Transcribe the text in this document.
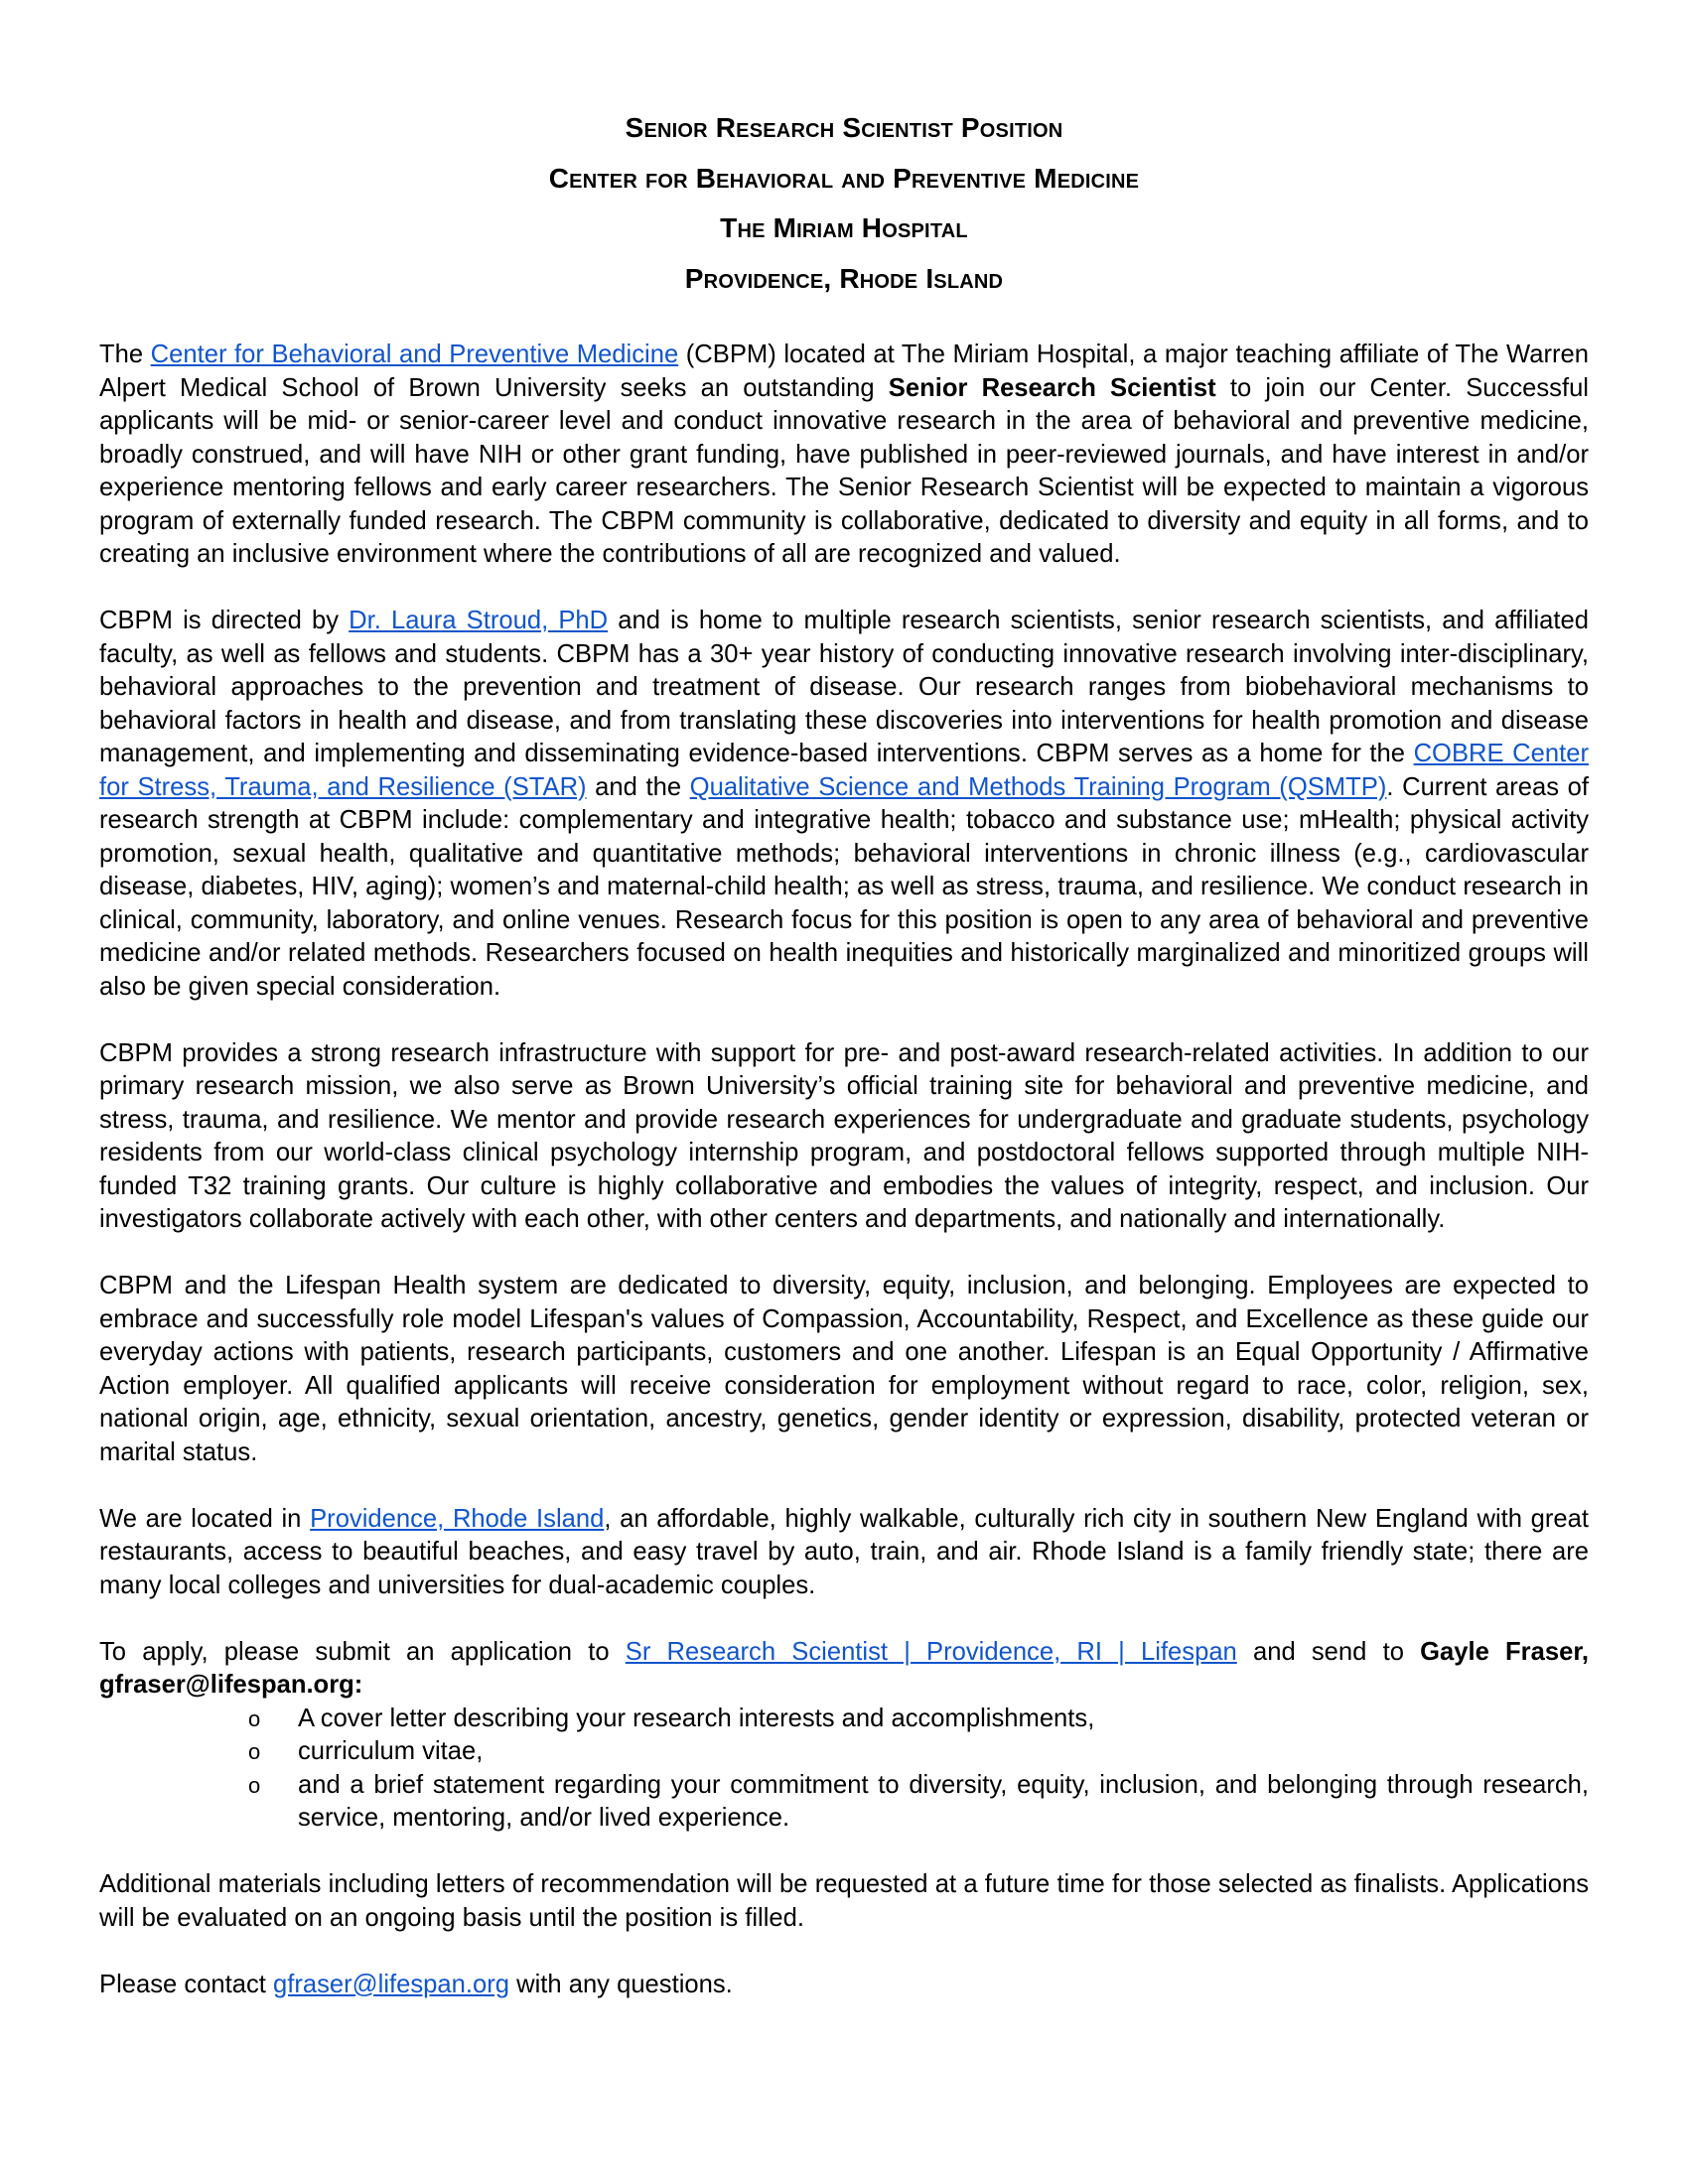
Senior Research Scientist Position
Center for Behavioral and Preventive Medicine
The Miriam Hospital
Providence, Rhode Island

The Center for Behavioral and Preventive Medicine (CBPM) located at The Miriam Hospital, a major teaching affiliate of The Warren Alpert Medical School of Brown University seeks an outstanding Senior Research Scientist to join our Center. Successful applicants will be mid- or senior-career level and conduct innovative research in the area of behavioral and preventive medicine, broadly construed, and will have NIH or other grant funding, have published in peer-reviewed journals, and have interest in and/or experience mentoring fellows and early career researchers. The Senior Research Scientist will be expected to maintain a vigorous program of externally funded research. The CBPM community is collaborative, dedicated to diversity and equity in all forms, and to creating an inclusive environment where the contributions of all are recognized and valued.

CBPM is directed by Dr. Laura Stroud, PhD and is home to multiple research scientists, senior research scientists, and affiliated faculty, as well as fellows and students. CBPM has a 30+ year history of conducting innovative research involving inter-disciplinary, behavioral approaches to the prevention and treatment of disease. Our research ranges from biobehavioral mechanisms to behavioral factors in health and disease, and from translating these discoveries into interventions for health promotion and disease management, and implementing and disseminating evidence-based interventions. CBPM serves as a home for the COBRE Center for Stress, Trauma, and Resilience (STAR) and the Qualitative Science and Methods Training Program (QSMTP). Current areas of research strength at CBPM include: complementary and integrative health; tobacco and substance use; mHealth; physical activity promotion, sexual health, qualitative and quantitative methods; behavioral interventions in chronic illness (e.g., cardiovascular disease, diabetes, HIV, aging); women’s and maternal-child health; as well as stress, trauma, and resilience. We conduct research in clinical, community, laboratory, and online venues. Research focus for this position is open to any area of behavioral and preventive medicine and/or related methods. Researchers focused on health inequities and historically marginalized and minoritized groups will also be given special consideration.

CBPM provides a strong research infrastructure with support for pre- and post-award research-related activities. In addition to our primary research mission, we also serve as Brown University’s official training site for behavioral and preventive medicine, and stress, trauma, and resilience. We mentor and provide research experiences for undergraduate and graduate students, psychology residents from our world-class clinical psychology internship program, and postdoctoral fellows supported through multiple NIH-funded T32 training grants. Our culture is highly collaborative and embodies the values of integrity, respect, and inclusion. Our investigators collaborate actively with each other, with other centers and departments, and nationally and internationally.

CBPM and the Lifespan Health system are dedicated to diversity, equity, inclusion, and belonging. Employees are expected to embrace and successfully role model Lifespan's values of Compassion, Accountability, Respect, and Excellence as these guide our everyday actions with patients, research participants, customers and one another. Lifespan is an Equal Opportunity / Affirmative Action employer. All qualified applicants will receive consideration for employment without regard to race, color, religion, sex, national origin, age, ethnicity, sexual orientation, ancestry, genetics, gender identity or expression, disability, protected veteran or marital status.

We are located in Providence, Rhode Island, an affordable, highly walkable, culturally rich city in southern New England with great restaurants, access to beautiful beaches, and easy travel by auto, train, and air. Rhode Island is a family friendly state; there are many local colleges and universities for dual-academic couples.

To apply, please submit an application to Sr Research Scientist | Providence, RI | Lifespan and send to Gayle Fraser, gfraser@lifespan.org:

o A cover letter describing your research interests and accomplishments,
o curriculum vitae,
o and a brief statement regarding your commitment to diversity, equity, inclusion, and belonging through research, service, mentoring, and/or lived experience.

Additional materials including letters of recommendation will be requested at a future time for those selected as finalists. Applications will be evaluated on an ongoing basis until the position is filled.

Please contact gfraser@lifespan.org with any questions.
